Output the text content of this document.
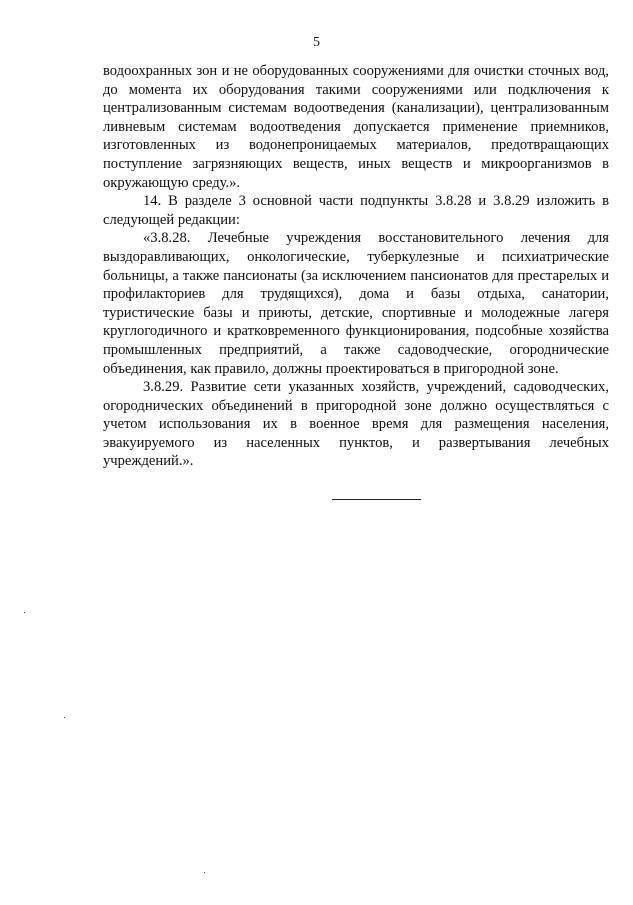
5

водоохранных зон и не оборудованных сооружениями для очистки сточных вод, до момента их оборудования такими сооружениями или подключения к централизованным системам водоотведения (канализации), централизованным ливневым системам водоотведения допускается применение приемников, изготовленных из водонепроницаемых материалов, предотвращающих поступление загрязняющих веществ, иных веществ и микроорганизмов в окружающую среду.».

14. В разделе 3 основной части подпункты 3.8.28 и 3.8.29 изложить в следующей редакции:

«3.8.28. Лечебные учреждения восстановительного лечения для выздоравливающих, онкологические, туберкулезные и психиатрические больницы, а также пансионаты (за исключением пансионатов для престарелых и профилакториев для трудящихся), дома и базы отдыха, санатории, туристические базы и приюты, детские, спортивные и молодежные лагеря круглогодичного и кратковременного функционирования, подсобные хозяйства промышленных предприятий, а также садоводческие, огороднические объединения, как правило, должны проектироваться в пригородной зоне.

3.8.29. Развитие сети указанных хозяйств, учреждений, садоводческих, огороднических объединений в пригородной зоне должно осуществляться с учетом использования их в военное время для размещения населения, эвакуируемого из населенных пунктов, и развертывания лечебных учреждений.».
